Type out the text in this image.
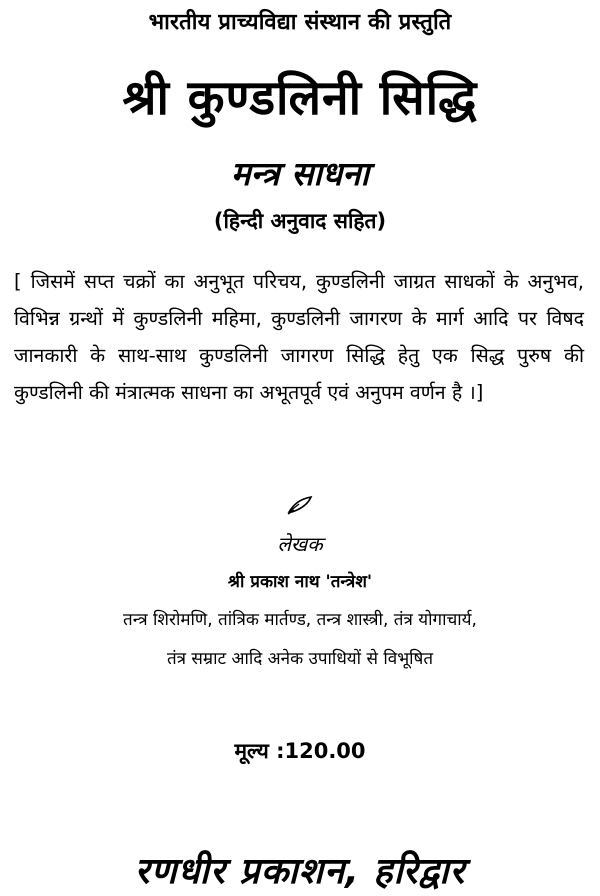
भारतीय प्राच्यविद्या संस्थान की प्रस्तुति
श्री कुण्डलिनी सिद्धि
मन्त्र साधना
(हिन्दी अनुवाद सहित)
[ जिसमें सप्त चक्रों का अनुभूत परिचय, कुण्डलिनी जाग्रत साधकों के अनुभव, विभिन्न ग्रन्थों में कुण्डलिनी महिमा, कुण्डलिनी जागरण के मार्ग आदि पर विषद जानकारी के साथ-साथ कुण्डलिनी जागरण सिद्धि हेतु एक सिद्ध पुरुष की कुण्डलिनी की मंत्रात्मक साधना का अभूतपूर्व एवं अनुपम वर्णन है ।]
लेखक
श्री प्रकाश नाथ 'तन्त्रेश'
तन्त्र शिरोमणि, तांत्रिक मार्तण्ड, तन्त्र शास्त्री, तंत्र योगाचार्य,
तंत्र सम्राट आदि अनेक उपाधियों से विभूषित
मूल्य :120.00
रणधीर प्रकाशन, हरिद्वार
